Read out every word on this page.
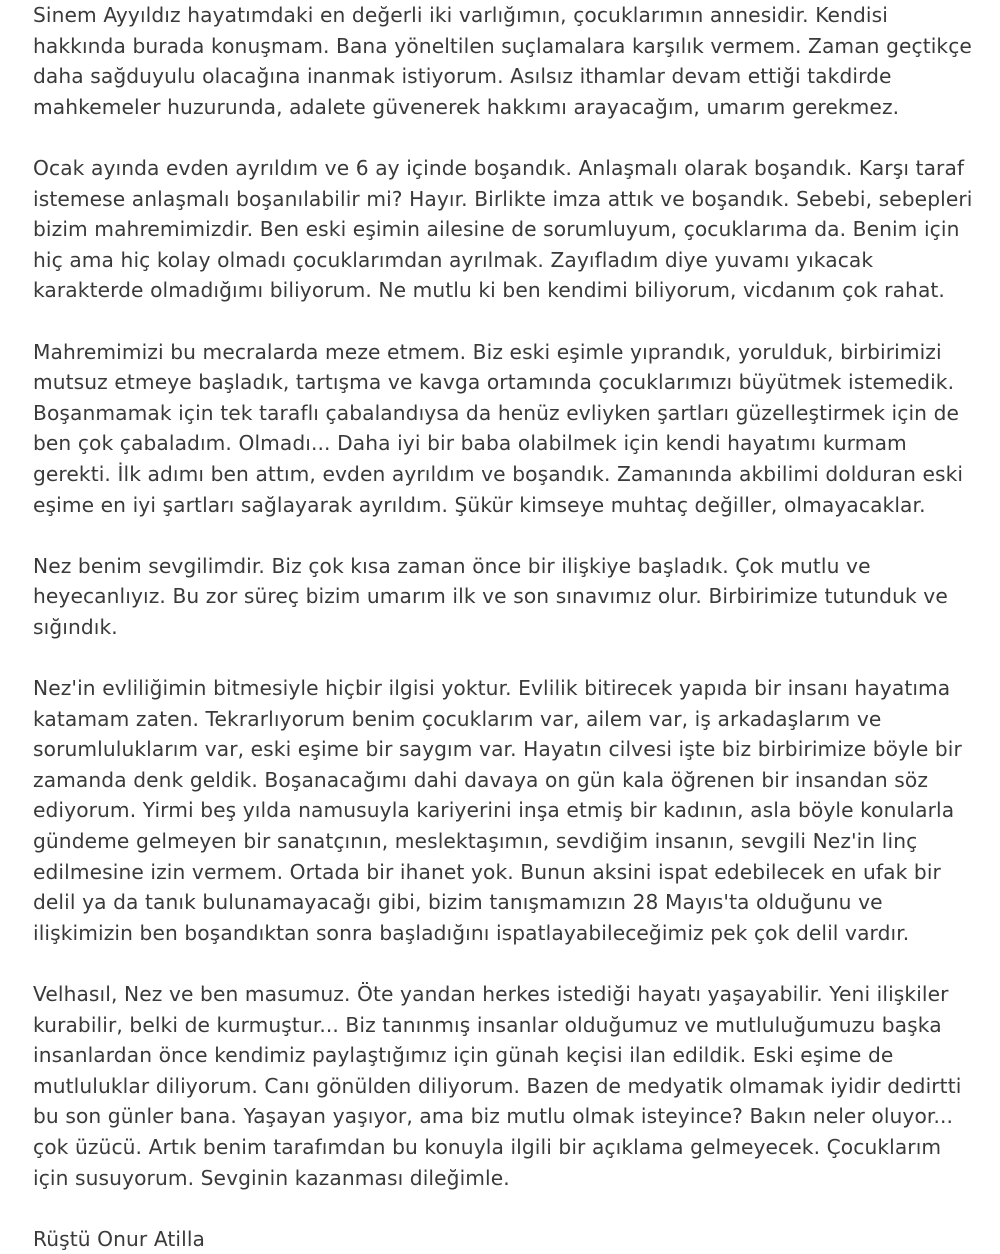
Sinem Ayyıldız hayatımdaki en değerli iki varlığımın, çocuklarımın annesidir. Kendisi
hakkında burada konuşmam. Bana yöneltilen suçlamalara karşılık vermem. Zaman geçtikçe
daha sağduyulu olacağına inanmak istiyorum. Asılsız ithamlar devam ettiği takdirde
mahkemeler huzurunda, adalete güvenerek hakkımı arayacağım, umarım gerekmez.
Ocak ayında evden ayrıldım ve 6 ay içinde boşandık. Anlaşmalı olarak boşandık. Karşı taraf
istemese anlaşmalı boşanılabilir mi? Hayır. Birlikte imza attık ve boşandık. Sebebi, sebepleri
bizim mahremimizdir. Ben eski eşimin ailesine de sorumluyum, çocuklarıma da. Benim için
hiç ama hiç kolay olmadı çocuklarımdan ayrılmak. Zayıfladım diye yuvamı yıkacak
karakterde olmadığımı biliyorum. Ne mutlu ki ben kendimi biliyorum, vicdanım çok rahat.
Mahremimizi bu mecralarda meze etmem. Biz eski eşimle yıprandık, yorulduk, birbirimizi
mutsuz etmeye başladık, tartışma ve kavga ortamında çocuklarımızı büyütmek istemedik.
Boşanmamak için tek taraflı çabalandıysa da henüz evliyken şartları güzelleştirmek için de
ben çok çabaladım. Olmadı... Daha iyi bir baba olabilmek için kendi hayatımı kurmam
gerekti. İlk adımı ben attım, evden ayrıldım ve boşandık. Zamanında akbilimi dolduran eski
eşime en iyi şartları sağlayarak ayrıldım. Şükür kimseye muhtaç değiller, olmayacaklar.
Nez benim sevgilimdir. Biz çok kısa zaman önce bir ilişkiye başladık. Çok mutlu ve
heyecanlıyız. Bu zor süreç bizim umarım ilk ve son sınavımız olur. Birbirimize tutunduk ve
sığındık.
Nez'in evliliğimin bitmesiyle hiçbir ilgisi yoktur. Evlilik bitirecek yapıda bir insanı hayatıma
katamam zaten. Tekrarlıyorum benim çocuklarım var, ailem var, iş arkadaşlarım ve
sorumluluklarım var, eski eşime bir saygım var. Hayatın cilvesi işte biz birbirimize böyle bir
zamanda denk geldik. Boşanacağımı dahi davaya on gün kala öğrenen bir insandan söz
ediyorum. Yirmi beş yılda namusuyla kariyerini inşa etmiş bir kadının, asla böyle konularla
gündeme gelmeyen bir sanatçının, meslektaşımın, sevdiğim insanın, sevgili Nez'in linç
edilmesine izin vermem. Ortada bir ihanet yok. Bunun aksini ispat edebilecek en ufak bir
delil ya da tanık bulunamayacağı gibi, bizim tanışmamızın 28 Mayıs'ta olduğunu ve
ilişkimizin ben boşandıktan sonra başladığını ispatlayabileceğimiz pek çok delil vardır.
Velhasıl, Nez ve ben masumuz. Öte yandan herkes istediği hayatı yaşayabilir. Yeni ilişkiler
kurabilir, belki de kurmuştur... Biz tanınmış insanlar olduğumuz ve mutluluğumuzu başka
insanlardan önce kendimiz paylaştığımız için günah keçisi ilan edildik. Eski eşime de
mutluluklar diliyorum. Canı gönülden diliyorum. Bazen de medyatik olmamak iyidir dedirtti
bu son günler bana. Yaşayan yaşıyor, ama biz mutlu olmak isteyince? Bakın neler oluyor...
çok üzücü. Artık benim tarafımdan bu konuyla ilgili bir açıklama gelmeyecek. Çocuklarım
için susuyorum. Sevginin kazanması dileğimle.
Rüştü Onur Atilla
